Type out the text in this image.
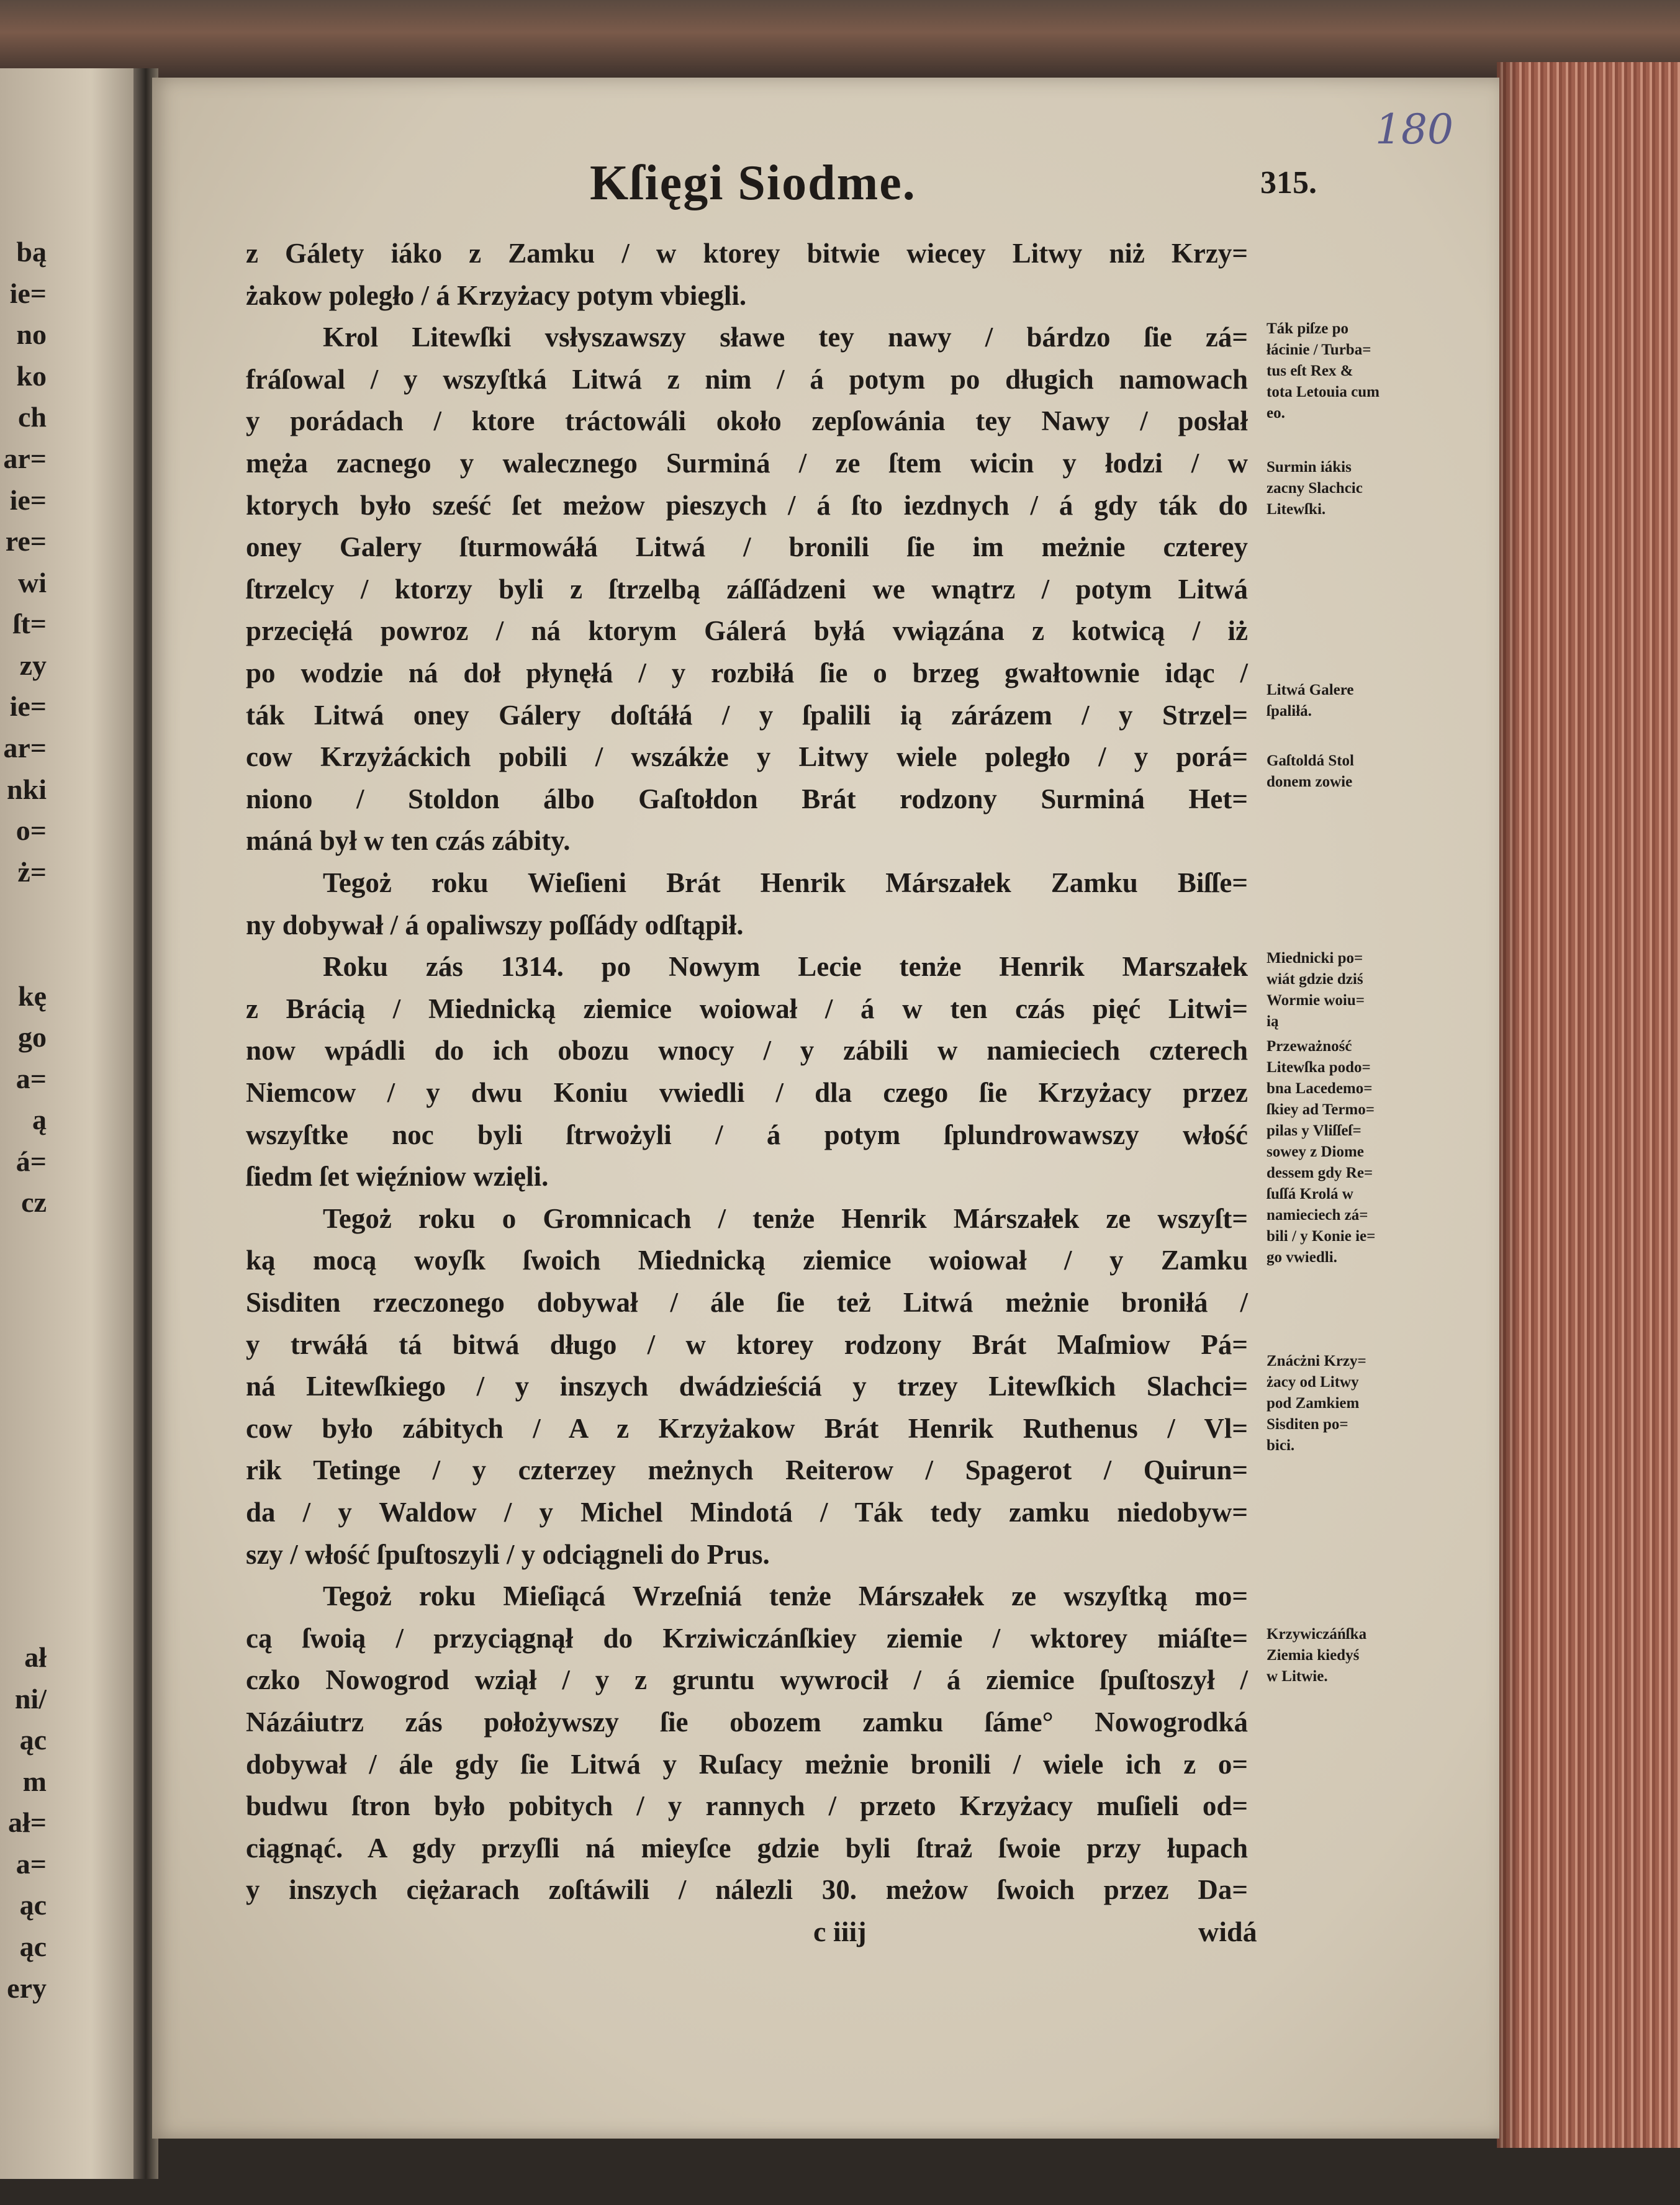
Kſięgi Siodme.	315.
180
z Gálety iáko z Zamku / w ktorey bitwie wiecey Litwy niż Krzy=
żakow poległo / á Krzyżacy potym vbiegli.
Krol Litewſki vsłyszawszy sławe tey nawy / bárdzo ſie zá=
fráſowal / y wszyſtká Litwá z nim / á potym po długich namowach
y porádach / ktore tráctowáli około zepſowánia tey Nawy / posłał
męża zacnego y walecznego Surminá / ze ſtem wicin y łodzi / w
ktorych było sześć ſet meżow pieszych / á ſto iezdnych / á gdy ták do
oney Galery ſturmowáłá Litwá / bronili ſie im meżnie czterey
ſtrzelcy / ktorzy byli z ſtrzelbą záſſádzeni we wnątrz / potym Litwá
przecięłá powroz / ná ktorym Gálerá byłá vwiązána z kotwicą / iż
po wodzie ná doł płynęłá / y rozbiłá ſie o brzeg gwałtownie idąc /
ták Litwá oney Gálery doſtáłá / y ſpalili ią zárázem / y Strzel=
cow Krzyżáckich pobili / wszákże y Litwy wiele poległo / y porá=
niono / Stoldon álbo Gaſtołdon Brát rodzony Surminá Het=
máná był w ten czás zábity.
Tegoż roku Wieſieni Brát Henrik Márszałek Zamku Biſſe=
ny dobywał / á opaliwszy poſſády odſtąpił.
Roku zás 1314. po Nowym Lecie tenże Henrik Marszałek
z Brácią / Miednicką ziemice woiował / á w ten czás pięć Litwi=
now wpádli do ich obozu wnocy / y zábili w namieciech czterech
Niemcow / y dwu Koniu vwiedli / dla czego ſie Krzyżacy przez
wszyſtke noc byli ſtrwożyli / á potym ſplundrowawszy włość
ſiedm ſet więźniow wzięli.
Tegoż roku o Gromnicach / tenże Henrik Márszałek ze wszyſt=
ką mocą woyſk ſwoich Miednicką ziemice woiował / y Zamku
Sisditen rzeczonego dobywał / ále ſie też Litwá meżnie broniłá /
y trwáłá tá bitwá długo / w ktorey rodzony Brát Maſmiow Pá=
ná Litewſkiego / y inszych dwádzieściá y trzey Litewſkich Slachci=
cow było zábitych / A z Krzyżakow Brát Henrik Ruthenus / Vl=
rik Tetinge / y czterzey meżnych Reiterow / Spagerot / Quirun=
da / y Waldow / y Michel Mindotá / Ták tedy zamku niedobyw=
szy / włość ſpuſtoszyli / y odciągneli do Prus.
Tegoż roku Mieſiącá Wrzeſniá tenże Márszałek ze wszyſtką mo=
cą ſwoią / przyciągnął do Krziwiczánſkiey ziemie / wktorey miáſte=
czko Nowogrod wziął / y z gruntu wywrocił / á ziemice ſpuſtoszył /
Názáiutrz zás położywszy ſie obozem zamku ſáme° Nowogrodká
dobywał / ále gdy ſie Litwá y Ruſacy meżnie bronili / wiele ich z o=
budwu ſtron było pobitych / y rannych / przeto Krzyżacy muſieli od=
ciągnąć. A gdy przyſli ná mieyſce gdzie byli ſtraż ſwoie przy łupach
y inszych ciężarach zoſtáwili / nálezli 30. meżow ſwoich przez Da=
Ták piſze po
łácinie / Turba=
tus eſt Rex &
tota Letouia cum
eo.
Surmin iákis
zacny Slachcic
Litewſki.
Litwá Galere
ſpaliłá.
Gaſtoldá Stol
donem zowie
Miednicki po=
wiát gdzie dziś
Wormie woiu=
ią
Przeważność
Litewſka podo=
bna Lacedemo=
ſkiey ad Termo=
pilas y Vliſſeſ=
sowey z Diome
dessem gdy Re=
ſuſſá Krolá w
namieciech zá=
bili / y Konie ie=
go vwiedli.
Znácżni Krzy=
żacy od Litwy
pod Zamkiem
Sisditen po=
bici.
Krzywiczáńſka
Ziemia kiedyś
w Litwie.
c iiij	widá
bą
ie=
no
ko
ch
ar=
ie=
re=
wi
ſt=
zy
ie=
ar=
nki
o=
ż=
kę
go
a=
ą
á=
cz
ał
ni/
ąc
m
ał=
a=
ąc
ąc
ery
